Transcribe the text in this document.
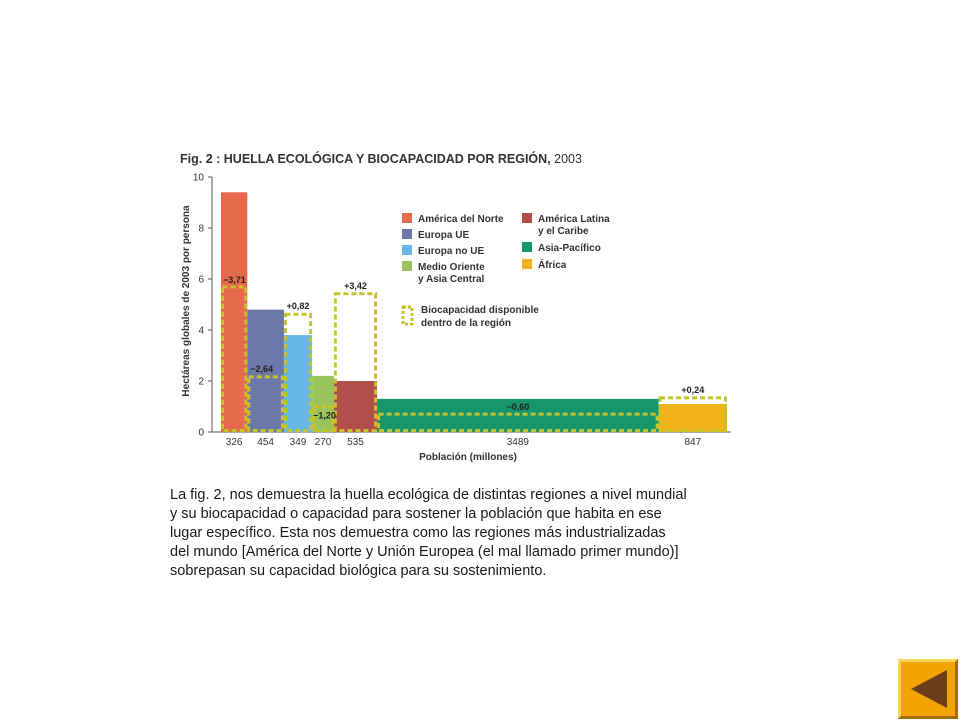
Fig. 2 : HUELLA ECOLÓGICA Y BIOCAPACIDAD POR REGIÓN, 2003
0
2
4
6
8
10
−3,71
−2,64
+0,82
−1,20
+3,42
−0,60
+0,24
326 454 349 270 535	3489	847
Población (millones)
Hectáreas globales de 2003 por persona	América del Norte
Europa UE
Europa no UE
Medio Oriente
y Asia Central
América Latina
y el Caribe
Asia-Pacífico
África
Biocapacidad disponible
dentro de la región
La fig. 2, nos demuestra la huella ecológica de distintas regiones a nivel mundial
y su biocapacidad o capacidad para sostener la población que habita en ese
lugar específico. Esta nos demuestra como las regiones más industrializadas
del mundo [América del Norte y Unión Europea (el mal llamado primer mundo)]
sobrepasan su capacidad biológica para su sostenimiento.
